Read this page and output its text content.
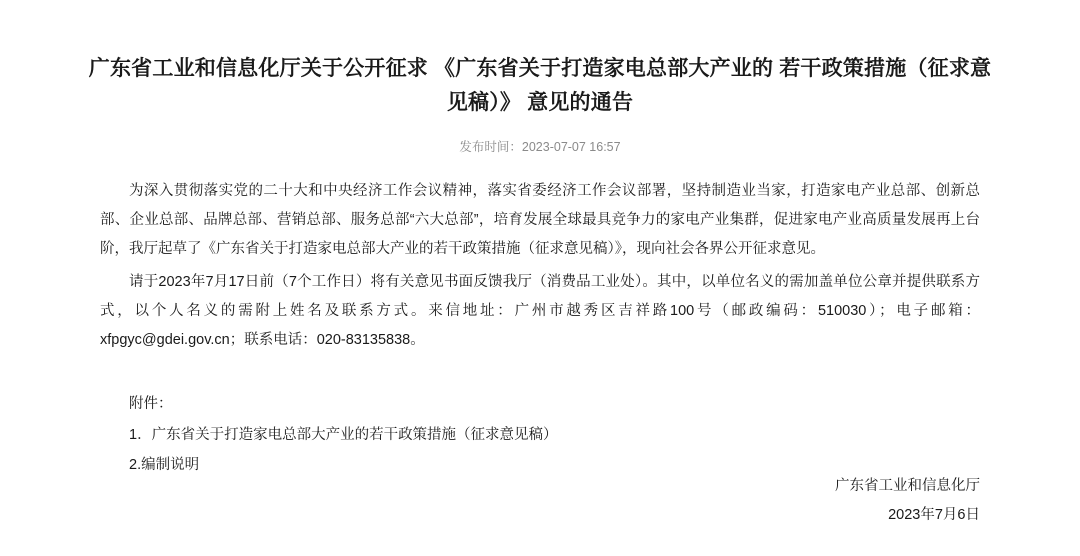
广东省工业和信息化厅关于公开征求 《广东省关于打造家电总部大产业的 若干政策措施（征求意见稿）》 意见的通告
发布时间：2023-07-07 16:57

为深入贯彻落实党的二十大和中央经济工作会议精神，落实省委经济工作会议部署，坚持制造业当家，打造家电产业总部、创新总部、企业总部、品牌总部、营销总部、服务总部“六大总部”，培育发展全球最具竞争力的家电产业集群，促进家电产业高质量发展再上台阶，我厅起草了《广东省关于打造家电总部大产业的若干政策措施（征求意见稿）》，现向社会各界公开征求意见。

请于2023年7月17日前（7个工作日）将有关意见书面反馈我厅（消费品工业处）。其中，以单位名义的需加盖单位公章并提供联系方式，以个人名义的需附上姓名及联系方式。来信地址：广州市越秀区吉祥路100号（邮政编码：510030）；电子邮箱：xfpgyc@gdei.gov.cn；联系电话：020-83135838。

附件：

1．广东省关于打造家电总部大产业的若干政策措施（征求意见稿）

2.编制说明

广东省工业和信息化厅
2023年7月6日
